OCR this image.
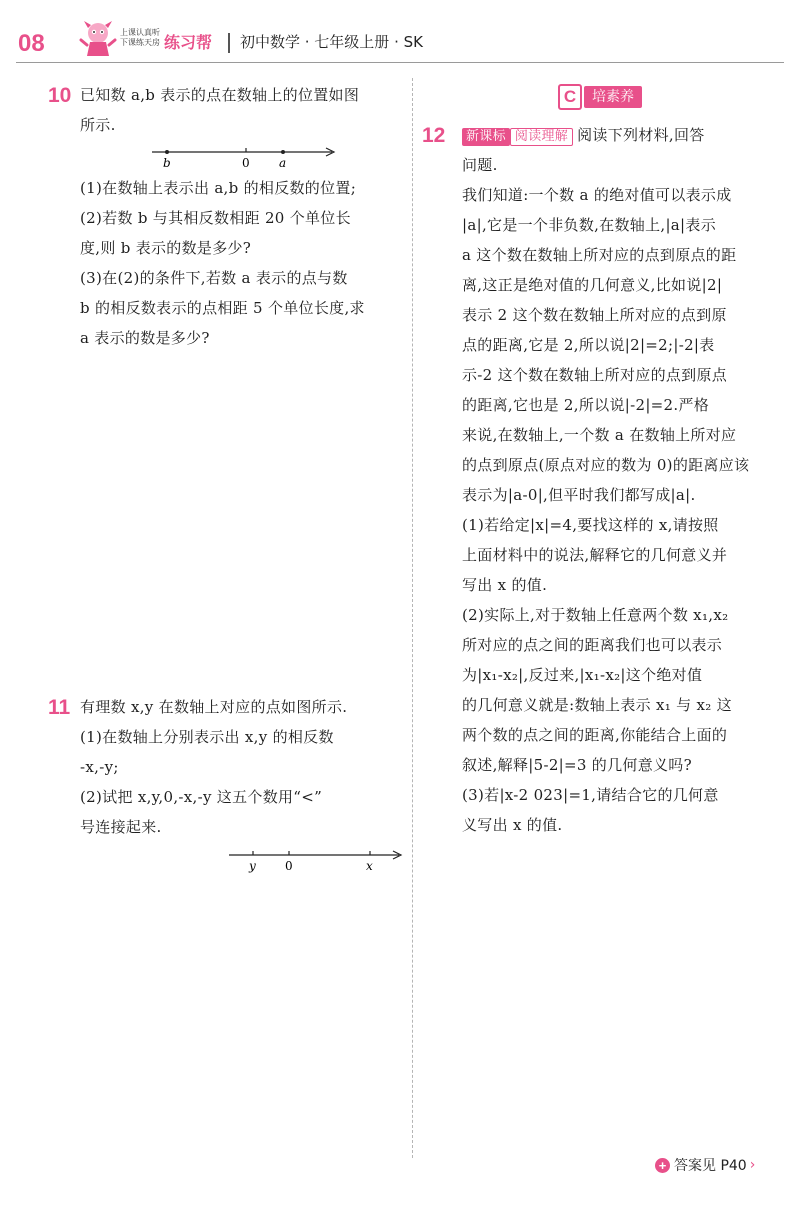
08	上课认真听
下课练天房 练习帮 初中数学 · 七年级上册 · SK
10 已知数 a,b 表示的点在数轴上的位置如图

所示.

b	0 a

(1)在数轴上表示出 a,b 的相反数的位置;

(2)若数 b 与其相反数相距 20 个单位长

度,则 b 表示的数是多少?

(3)在(2)的条件下,若数 a 表示的点与数

b 的相反数表示的点相距 5 个单位长度,求

a 表示的数是多少?

11 有理数 x,y 在数轴上对应的点如图所示.

(1)在数轴上分别表示出 x,y 的相反数

-x,-y;

(2)试把 x,y,0,-x,-y 这五个数用“<”

号连接起来.

y 0	x
C	培素养
12	新课标 阅读理解 阅读下列材料,回答

问题.

我们知道:一个数 a 的绝对值可以表示成

|a|,它是一个非负数,在数轴上,|a|表示

a 这个数在数轴上所对应的点到原点的距

离,这正是绝对值的几何意义,比如说|2|

表示 2 这个数在数轴上所对应的点到原

点的距离,它是 2,所以说|2|=2;|-2|表

示-2 这个数在数轴上所对应的点到原点

的距离,它也是 2,所以说|-2|=2.严格

来说,在数轴上,一个数 a 在数轴上所对应

的点到原点(原点对应的数为 0)的距离应该

表示为|a-0|,但平时我们都写成|a|.

(1)若给定|x|=4,要找这样的 x,请按照

上面材料中的说法,解释它的几何意义并

写出 x 的值.

(2)实际上,对于数轴上任意两个数 x₁,x₂

所对应的点之间的距离我们也可以表示

为|x₁-x₂|,反过来,|x₁-x₂|这个绝对值

的几何意义就是:数轴上表示 x₁ 与 x₂ 这

两个数的点之间的距离,你能结合上面的

叙述,解释|5-2|=3 的几何意义吗?

(3)若|x-2 023|=1,请结合它的几何意

义写出 x 的值.

+ 答案见 P40 ›
